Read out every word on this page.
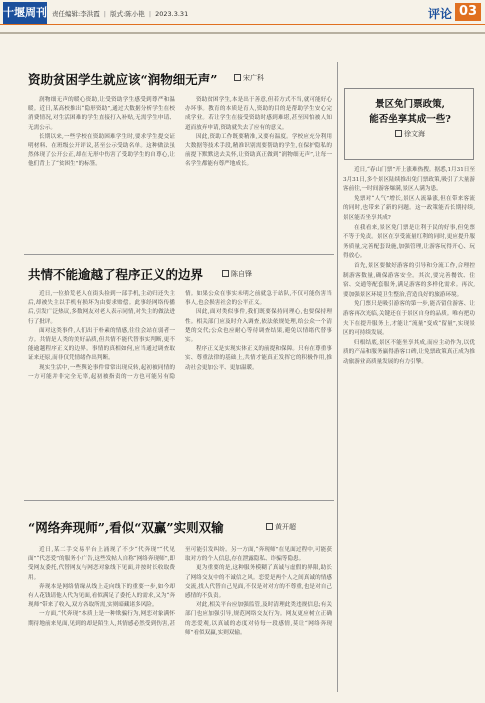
十堰周刊 责任编辑:李洪霞 | 版式:陈小艳 | 2023.3.31	评论 03
资助贫困学生就应该“润物细无声”	宋广科

润物细无声的暖心资助,让受资助学生感受到尊严和温暖。近日,某高校推出“隐形资助”,通过大数据分析学生在校消费情况,对生活困难的学生直接打入补贴,无需学生申请、无需公示。

长期以来,一些学校在资助困难学生时,要求学生提交证明材料、在班级公开评议,甚至公示受助名单。这种做法虽然体现了公开公正,却在无形中伤害了受助学生的自尊心,让他们背上了“贫困生”的标签。

资助贫困学生,本是出于善意,但若方式不当,就可能好心办坏事。教育的本质是育人,资助的目的是帮助学生安心完成学业。若让学生在接受资助时感到难堪,甚至因怕被人知道而放弃申请,资助就失去了应有的意义。

因此,资助工作既要精准,又要有温度。学校应充分利用大数据等技术手段,精准识别需要帮助的学生,在保护隐私的前提下默默送去关怀,让资助真正做到“润物细无声”,让每一名学生都能有尊严地成长。

景区免门票政策,
能否坐享其成一些?
徐文海

近日,“春山门票”开上涨难热搜。据悉,1月31日至3月31日,多个景区陆续推出免门票政策,吸引了大量游客前往,一时间游客爆满,景区人满为患。

免票对“人气”增长,景区人流暴涨,但在带来客流的同时,也带来了新的问题。这一政策能否长期持续,景区能否坐享其成?

在我看来,景区免门票是让利于民的好事,但免票不等于免责。景区在享受流量红利的同时,更应提升服务质量,完善配套设施,加强管理,让游客玩得开心、玩得放心。

首先,景区要做好游客的引导和分流工作,合理控制游客数量,确保游客安全。其次,要完善餐饮、住宿、交通等配套服务,满足游客的多样化需求。再次,要加强景区环境卫生整治,营造良好的旅游环境。

免门票只是吸引游客的第一步,能否留住游客、让游客再次光临,关键还在于景区自身的品质。唯有把功夫下在提升服务上,才能让“流量”变成“留量”,实现景区的可持续发展。

归根结底,景区不能坐享其成,而应主动作为,以优质的产品和服务赢得游客口碑,让免票政策真正成为推动旅游业高质量发展的有力引擎。

共情不能逾越了程序正义的边界	陈自锋

近日,一位拾荒老人在街头捡到一部手机,主动归还失主后,却被失主以手机有损坏为由要求赔偿。此事经网络传播后,引发广泛热议,多数网友对老人表示同情,对失主的做法进行了批评。

面对这类事件,人们出于朴素的情感,往往会站在弱者一方。共情是人类的美好品质,但共情不能代替事实判断,更不能逾越程序正义的边界。事情的真相如何,应当通过调查取证来还原,而非仅凭情绪作出判断。

现实生活中,一些舆论事件常常出现反转,起初被同情的一方可能并非完全无辜,起初被指责的一方也可能另有隐情。如果公众在事实未明之前就急于站队,不仅可能伤害当事人,也会损害社会的公平正义。

因此,面对类似事件,我们既要保持同理心,也要保持理性。相关部门应及时介入调查,依法依规处理,给公众一个清楚的交代;公众也应耐心等待调查结果,避免以情绪代替事实。

程序正义是实现实体正义的前提和保障。只有在尊重事实、尊重法律的基础上,共情才能真正发挥它的积极作用,推动社会更加公平、更加温暖。

“网络奔现师”,看似“双赢”实则双输	黄开超

近日,某二手交易平台上涌现了不少“代奔现”“代见面”“代恋爱”的服务小广告,这些发帖人自称“网络奔现师”,即受网友委托,代替网友与网恋对象线下见面,并按时长收取费用。

奔现本是网络情缘从线上走向线下的重要一步,如今却有人花钱请他人代为见面,看似满足了委托人的需求,又为“奔现师”带来了收入,双方各取所需,实则暗藏诸多风险。

一方面,“代奔现”本质上是一种欺骗行为,网恋对象满怀期待地前来见面,见到的却是陌生人,其情感必然受到伤害,甚至可能引发纠纷。另一方面,“奔现师”在见面过程中,可能获取对方的个人信息,存在泄露隐私、诈骗等隐患。

更为重要的是,这种服务模糊了真诚与虚假的界限,助长了网络交友中的不诚信之风。恋爱是两个人之间真诚的情感交流,找人代替自己见面,不仅是对对方的不尊重,也是对自己感情的不负责。

对此,相关平台应加强监管,及时清理此类违规信息;有关部门也应加强引导,规范网络交友行为。网友更应树立正确的恋爱观,以真诚的态度对待每一段感情,莫让“网络奔现师”看似双赢,实则双输。
